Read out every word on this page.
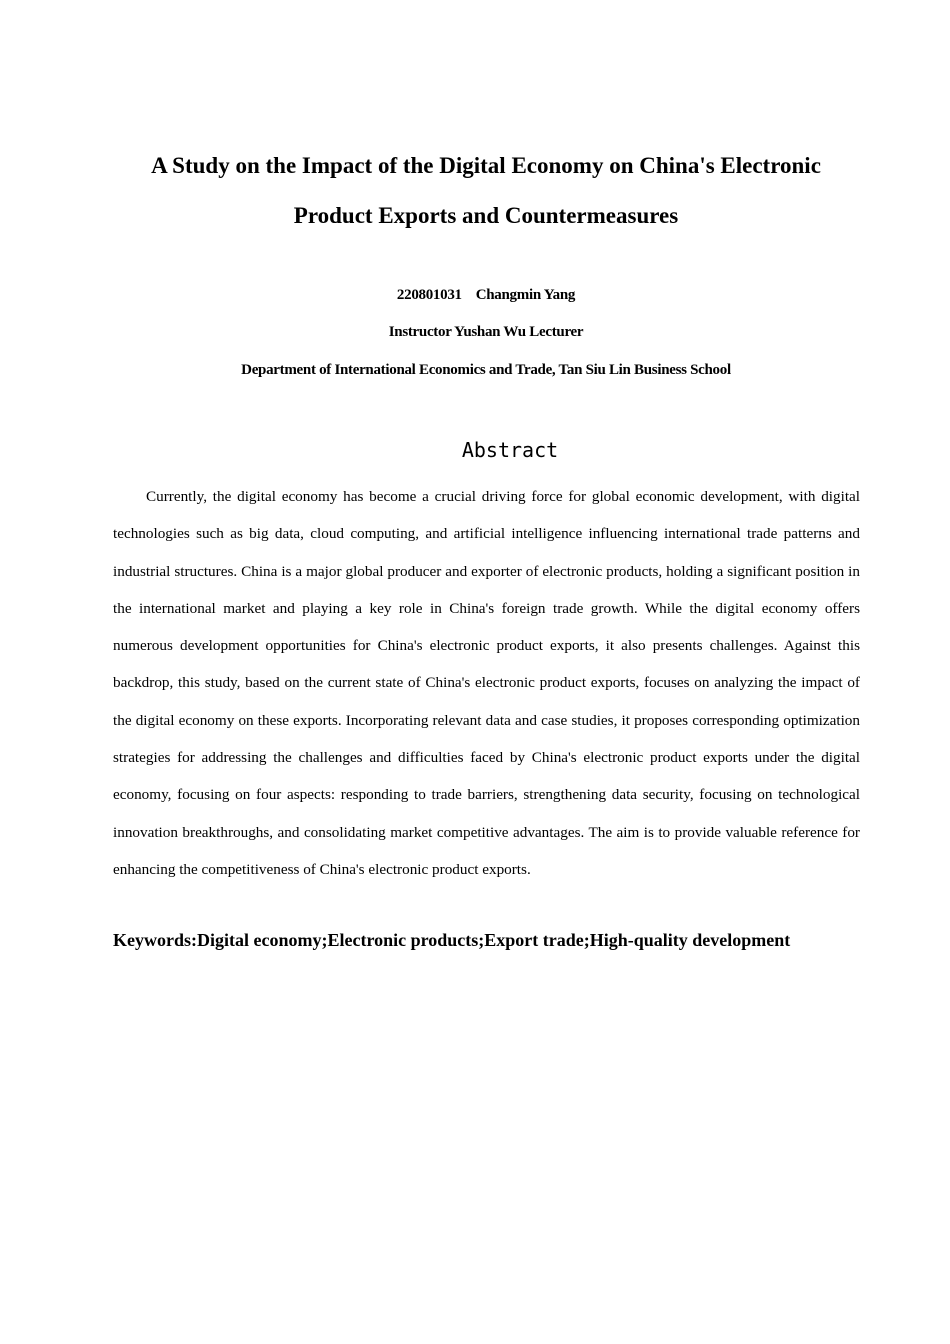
A Study on the Impact of the Digital Economy on China's Electronic
Product Exports and Countermeasures

220801031 Changmin Yang

Instructor Yushan Wu Lecturer

Department of International Economics and Trade, Tan Siu Lin Business School

Abstract

Currently, the digital economy has become a crucial driving force for global economic development, with digital technologies such as big data, cloud computing, and artificial intelligence influencing international trade patterns and industrial structures. China is a major global producer and exporter of electronic products, holding a significant position in the international market and playing a key role in China's foreign trade growth. While the digital economy offers numerous development opportunities for China's electronic product exports, it also presents challenges. Against this backdrop, this study, based on the current state of China's electronic product exports, focuses on analyzing the impact of the digital economy on these exports. Incorporating relevant data and case studies, it proposes corresponding optimization strategies for addressing the challenges and difficulties faced by China's electronic product exports under the digital economy, focusing on four aspects: responding to trade barriers, strengthening data security, focusing on technological innovation breakthroughs, and consolidating market competitive advantages. The aim is to provide valuable reference for enhancing the competitiveness of China's electronic product exports.

Keywords:Digital economy;Electronic products;Export trade;High-quality development
